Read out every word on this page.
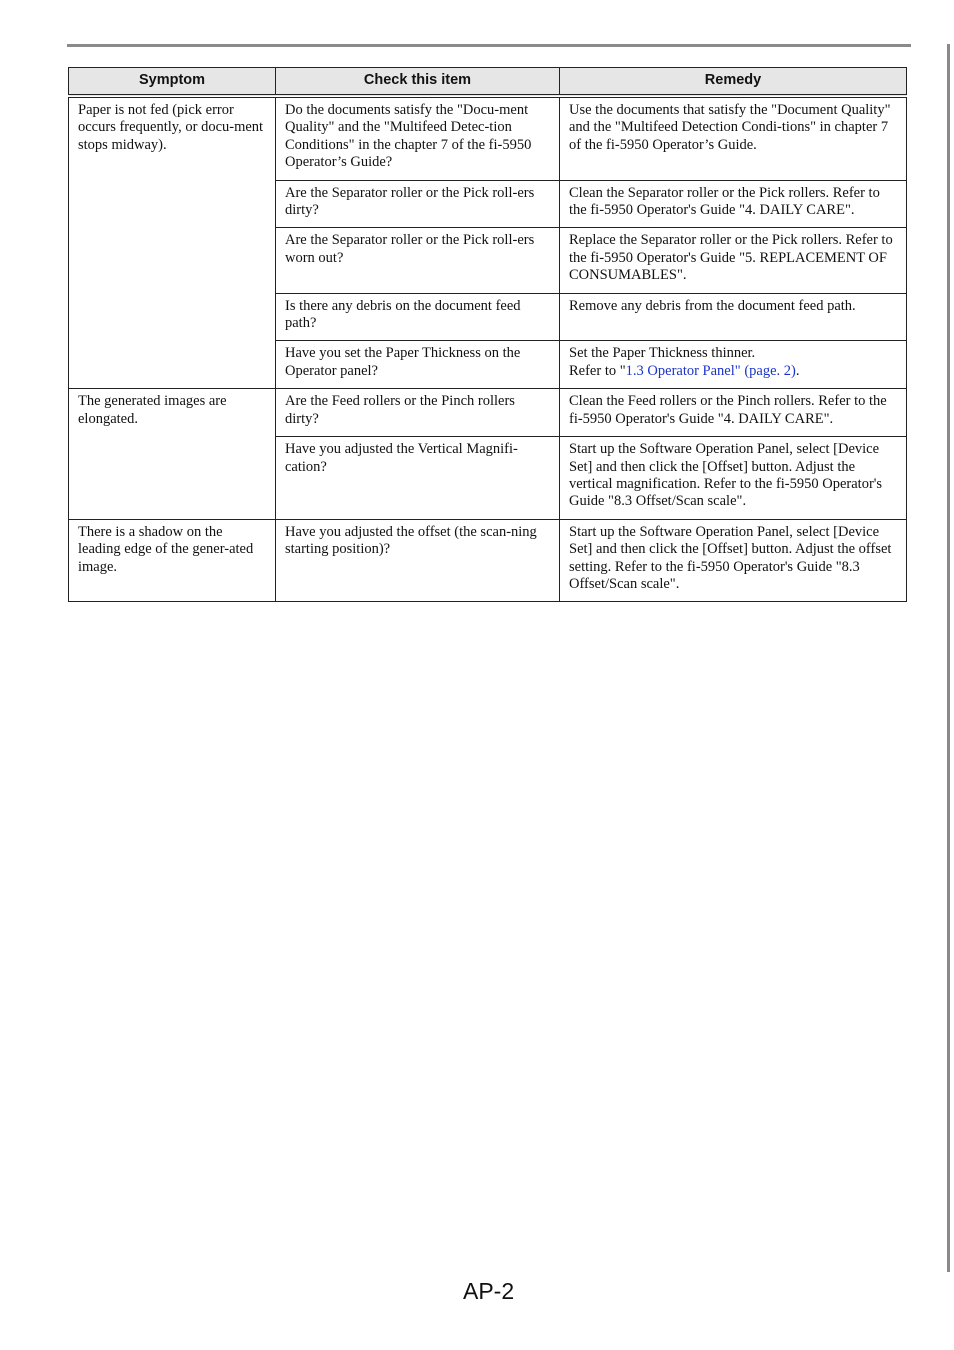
Symptom	Check this item	Remedy
Paper is not fed (pick error occurs frequently, or docu-ment stops midway).	Do the documents satisfy the "Docu-ment Quality" and the "Multifeed Detec-tion Conditions" in the chapter 7 of the fi-5950 Operator’s Guide?	Use the documents that satisfy the "Document Quality" and the "Multifeed Detection Condi-tions" in chapter 7 of the fi-5950 Operator’s Guide.
	Are the Separator roller or the Pick roll-ers dirty?	Clean the Separator roller or the Pick rollers. Refer to the fi-5950 Operator's Guide "4. DAILY CARE".
	Are the Separator roller or the Pick roll-ers worn out?	Replace the Separator roller or the Pick rollers. Refer to the fi-5950 Operator's Guide "5. REPLACEMENT OF CONSUMABLES".
	Is there any debris on the document feed path?	Remove any debris from the document feed path.
	Have you set the Paper Thickness on the Operator panel?	Set the Paper Thickness thinner.
Refer to "1.3 Operator Panel" (page. 2).
The generated images are elongated.	Are the Feed rollers or the Pinch rollers dirty?	Clean the Feed rollers or the Pinch rollers. Refer to the fi-5950 Operator's Guide "4. DAILY CARE".
	Have you adjusted the Vertical Magnifi-cation?	Start up the Software Operation Panel, select [Device Set] and then click the [Offset] button. Adjust the vertical magnification. Refer to the fi-5950 Operator's Guide "8.3 Offset/Scan scale".
There is a shadow on the leading edge of the gener-ated image.	Have you adjusted the offset (the scan-ning starting position)?	Start up the Software Operation Panel, select [Device Set] and then click the [Offset] button. Adjust the offset setting. Refer to the fi-5950 Operator's Guide "8.3 Offset/Scan scale".
AP-2
